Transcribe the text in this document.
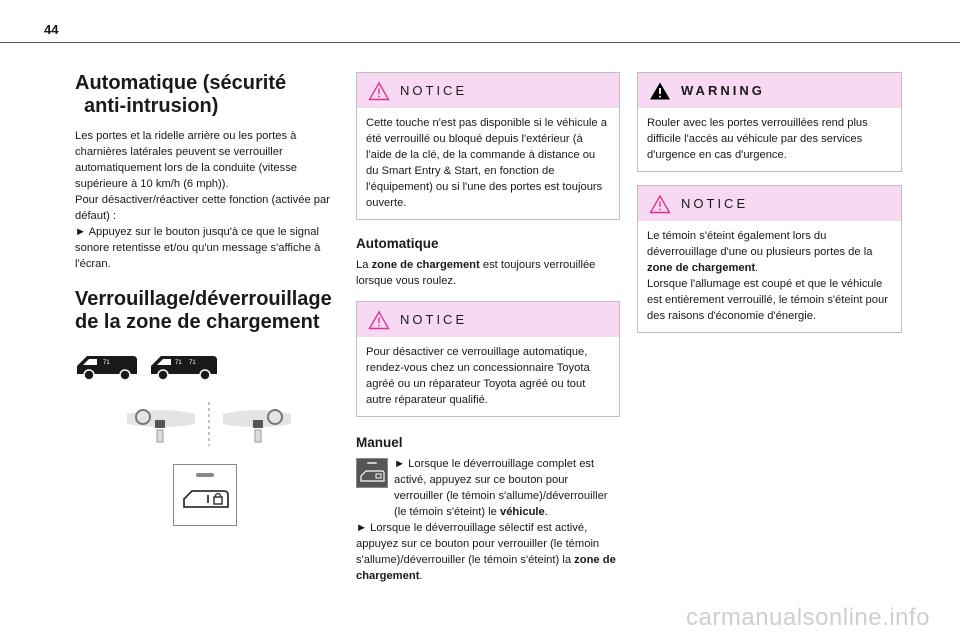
44
Automatique (sécurité
anti-intrusion)

Les portes et la ridelle arrière ou les portes à charnières latérales peuvent se verrouiller automatiquement lors de la conduite (vitesse supérieure à 10 km/h (6 mph)).

Pour désactiver/réactiver cette fonction (activée par défaut) :

► Appuyez sur le bouton jusqu'à ce que le signal sonore retentisse et/ou qu'un message s'affiche à l'écran.

Verrouillage/déverrouillage
de la zone de chargement
71	71 71
NOTICE
Cette touche n'est pas disponible si le véhicule a été verrouillé ou bloqué depuis l'extérieur (à l'aide de la clé, de la commande à distance ou du Smart Entry & Start, en fonction de l'équipement) ou si l'une des portes est toujours ouverte.
Automatique

La zone de chargement est toujours verrouillée lorsque vous roulez.

NOTICE
Pour désactiver ce verrouillage automatique, rendez-vous chez un concessionnaire Toyota agréé ou un réparateur Toyota agréé ou tout autre réparateur qualifié.
Manuel

► Lorsque le déverrouillage complet est activé, appuyez sur ce bouton pour verrouiller (le témoin s'allume)/déverrouiller (le témoin s'éteint) le véhicule.

► Lorsque le déverrouillage sélectif est activé, appuyez sur ce bouton pour verrouiller (le témoin s'allume)/déverrouiller (le témoin s'éteint) la zone de chargement.

WARNING
Rouler avec les portes verrouillées rend plus difficile l'accès au véhicule par des services d'urgence en cas d'urgence.
NOTICE
Le témoin s'éteint également lors du déverrouillage d'une ou plusieurs portes de la zone de chargement.
Lorsque l'allumage est coupé et que le véhicule est entièrement verrouillé, le témoin s'éteint pour des raisons d'économie d'énergie.
carmanualsonline.info
